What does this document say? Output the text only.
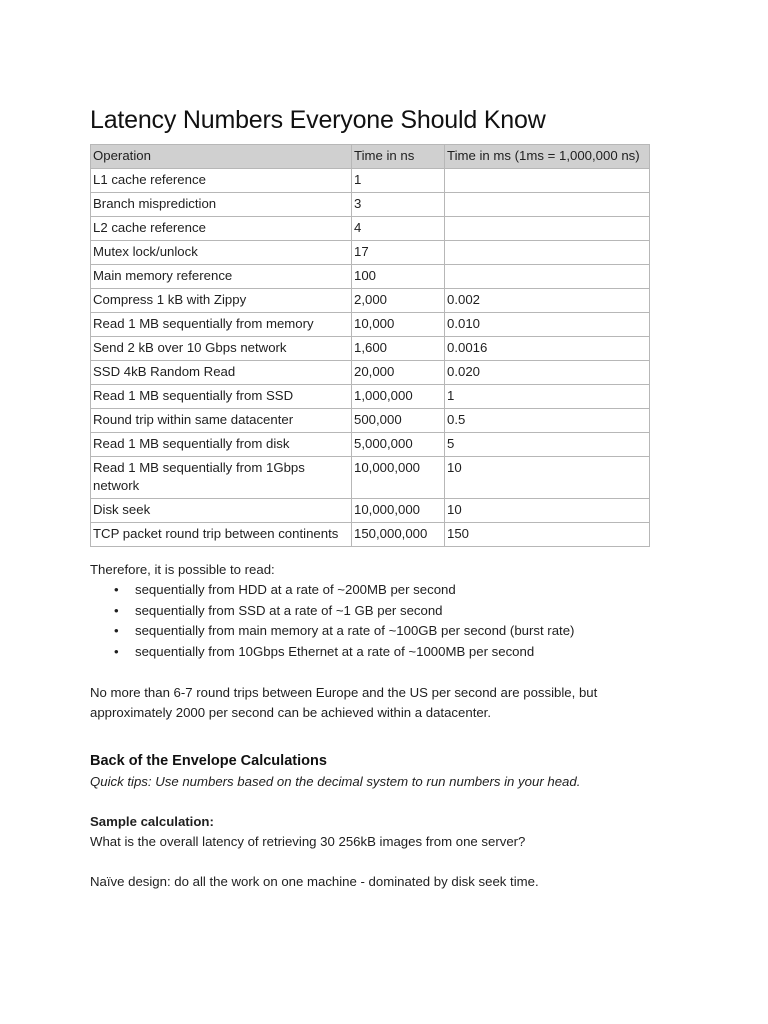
Latency Numbers Everyone Should Know
Operation	Time in ns	Time in ms (1ms = 1,000,000 ns)
L1 cache reference	1	
Branch misprediction	3	
L2 cache reference	4	
Mutex lock/unlock	17	
Main memory reference	100	
Compress 1 kB with Zippy	2,000	0.002
Read 1 MB sequentially from memory	10,000	0.010
Send 2 kB over 10 Gbps network	1,600	0.0016
SSD 4kB Random Read	20,000	0.020
Read 1 MB sequentially from SSD	1,000,000	1
Round trip within same datacenter	500,000	0.5
Read 1 MB sequentially from disk	5,000,000	5
Read 1 MB sequentially from 1Gbps network	10,000,000	10
Disk seek	10,000,000	10
TCP packet round trip between continents	150,000,000	150

Therefore, it is possible to read:

• sequentially from HDD at a rate of ~200MB per second
• sequentially from SSD at a rate of ~1 GB per second
• sequentially from main memory at a rate of ~100GB per second (burst rate)
• sequentially from 10Gbps Ethernet at a rate of ~1000MB per second

No more than 6-7 round trips between Europe and the US per second are possible, but approximately 2000 per second can be achieved within a datacenter.

Back of the Envelope Calculations

Quick tips: Use numbers based on the decimal system to run numbers in your head.

Sample calculation:

What is the overall latency of retrieving 30 256kB images from one server?

Naïve design: do all the work on one machine - dominated by disk seek time.
